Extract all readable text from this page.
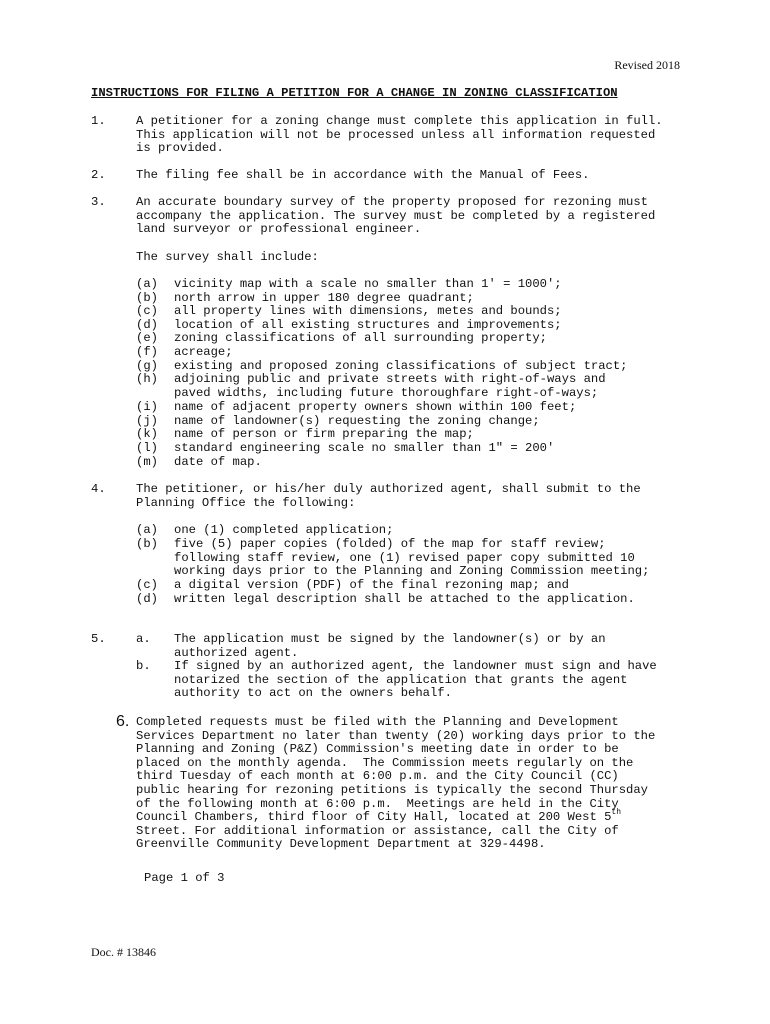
Revised 2018
INSTRUCTIONS FOR FILING A PETITION FOR A CHANGE IN ZONING CLASSIFICATION
1. A petitioner for a zoning change must complete this application in full.
This application will not be processed unless all information requested
is provided.
2. The filing fee shall be in accordance with the Manual of Fees.
3. An accurate boundary survey of the property proposed for rezoning must
accompany the application. The survey must be completed by a registered
land surveyor or professional engineer.
The survey shall include:
(a) vicinity map with a scale no smaller than 1' = 1000';
(b) north arrow in upper 180 degree quadrant;
(c) all property lines with dimensions, metes and bounds;
(d) location of all existing structures and improvements;
(e) zoning classifications of all surrounding property;
(f) acreage;
(g) existing and proposed zoning classifications of subject tract;
(h) adjoining public and private streets with right-of-ways and
paved widths, including future thoroughfare right-of-ways;
(i) name of adjacent property owners shown within 100 feet;
(j) name of landowner(s) requesting the zoning change;
(k) name of person or firm preparing the map;
(l) standard engineering scale no smaller than 1" = 200'
(m) date of map.
4. The petitioner, or his/her duly authorized agent, shall submit to the
Planning Office the following:
(a) one (1) completed application;
(b) five (5) paper copies (folded) of the map for staff review;
following staff review, one (1) revised paper copy submitted 10
working days prior to the Planning and Zoning Commission meeting;
(c) a digital version (PDF) of the final rezoning map; and
(d) written legal description shall be attached to the application.
5. a. The application must be signed by the landowner(s) or by an
authorized agent.
b. If signed by an authorized agent, the landowner must sign and have
notarized the section of the application that grants the agent
authority to act on the owners behalf.
6. Completed requests must be filed with the Planning and Development
Services Department no later than twenty (20) working days prior to the
Planning and Zoning (P&Z) Commission's meeting date in order to be
placed on the monthly agenda.  The Commission meets regularly on the
third Tuesday of each month at 6:00 p.m. and the City Council (CC)
public hearing for rezoning petitions is typically the second Thursday
of the following month at 6:00 p.m.  Meetings are held in the City
Council Chambers, third floor of City Hall, located at 200 West 5th
Street. For additional information or assistance, call the City of
Greenville Community Development Department at 329-4498.
Page 1 of 3
Doc. # 13846
